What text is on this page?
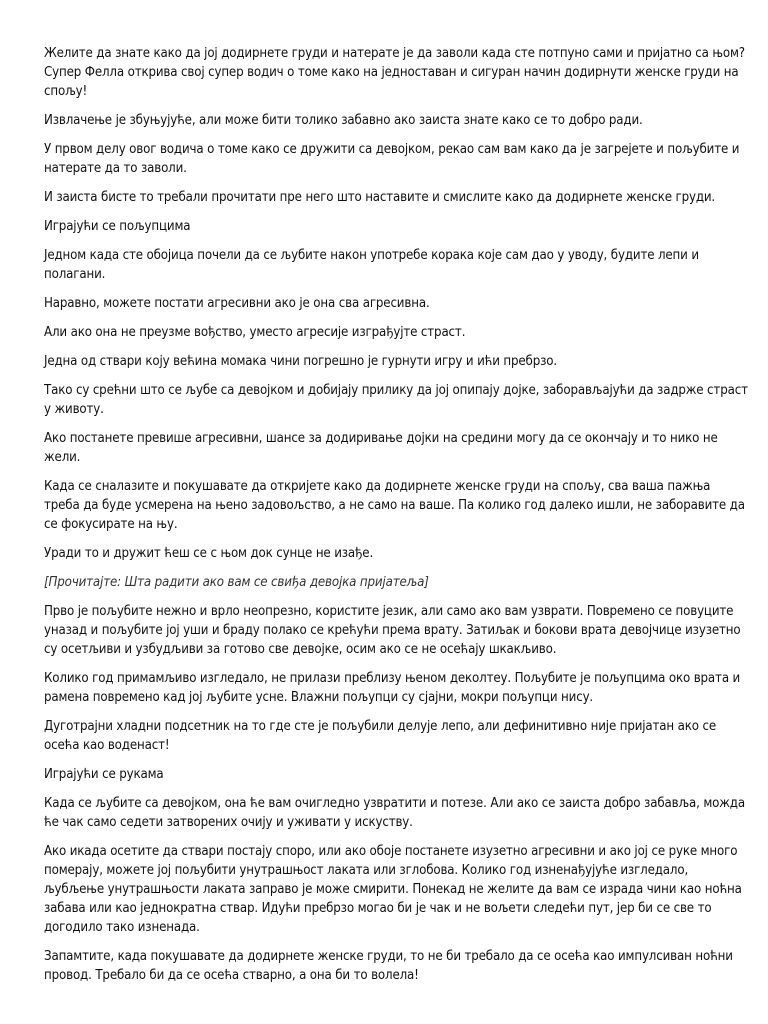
Желите да знате како да јој додирнете груди и натерате је да заволи када сте потпуно сами и пријатно са њом? Супер Фелла открива свој супер водич о томе како на једноставан и сигуран начин додирнути женске груди на спољу!

Извлачење је збуњујуће, али може бити толико забавно ако заиста знате како се то добро ради.

У првом делу овог водича о томе како се дружити са девојком, рекао сам вам како да је загрејете и пољубите и натерате да то заволи.

И заиста бисте то требали прочитати пре него што наставите и смислите како да додирнете женске груди.

Играјући се пољупцима

Једном када сте обојица почели да се љубите након употребе корака које сам дао у уводу, будите лепи и полагани.

Наравно, можете постати агресивни ако је она сва агресивна.

Али ако она не преузме вођство, уместо агресије изграђујте страст.

Једна од ствари коју већина момака чини погрешно је гурнути игру и ићи пребрзо.

Тако су срећни што се љубе са девојком и добијају прилику да јој опипају дојке, заборављајући да задрже страст у животу.

Ако постанете превише агресивни, шансе за додиривање дојки на средини могу да се окончају и то нико не жели.

Када се сналазите и покушавате да откријете како да додирнете женске груди на спољу, сва ваша пажња треба да буде усмерена на њено задовољство, а не само на ваше. Па колико год далеко ишли, не заборавите да се фокусирате на њу.

Уради то и дружит ћеш се с њом док сунце не изађе.

[Прочитајте: Шта радити ако вам се свиђа девојка пријатеља]

Прво је пољубите нежно и врло неопрезно, користите језик, али само ако вам узврати. Повремено се повуците уназад и пољубите јој уши и браду полако се крећући према врату. Затиљак и бокови врата девојчице изузетно су осетљиви и узбудљиви за готово све девојке, осим ако се не осећају шкакљиво.

Колико год примамљиво изгледало, не прилази преблизу њеном деколтеу. Пољубите је пољупцима око врата и рамена повремено кад јој љубите усне. Влажни пољупци су сјајни, мокри пољупци нису.

Дуготрајни хладни подсетник на то где сте је пољубили делује лепо, али дефинитивно није пријатан ако се осећа као воденаст!

Играјући се рукама

Када се љубите са девојком, она ће вам очигледно узвратити и потезе. Али ако се заиста добро забавља, можда ће чак само седети затворених очију и уживати у искуству.

Ако икада осетите да ствари постају споро, или ако обоје постанете изузетно агресивни и ако јој се руке много померају, можете јој пољубити унутрашњост лаката или зглобова. Колико год изненађујуће изгледало, љубљење унутрашњости лаката заправо је може смирити. Понекад не желите да вам се израда чини као ноћна забава или као једнократна ствар. Идући пребрзо могао би је чак и не вољети следећи пут, јер би се све то догодило тако изненада.

Запамтите, када покушавате да додирнете женске груди, то не би требало да се осећа као импулсиван ноћни провод. Требало би да се осећа стварно, а она би то волела!
